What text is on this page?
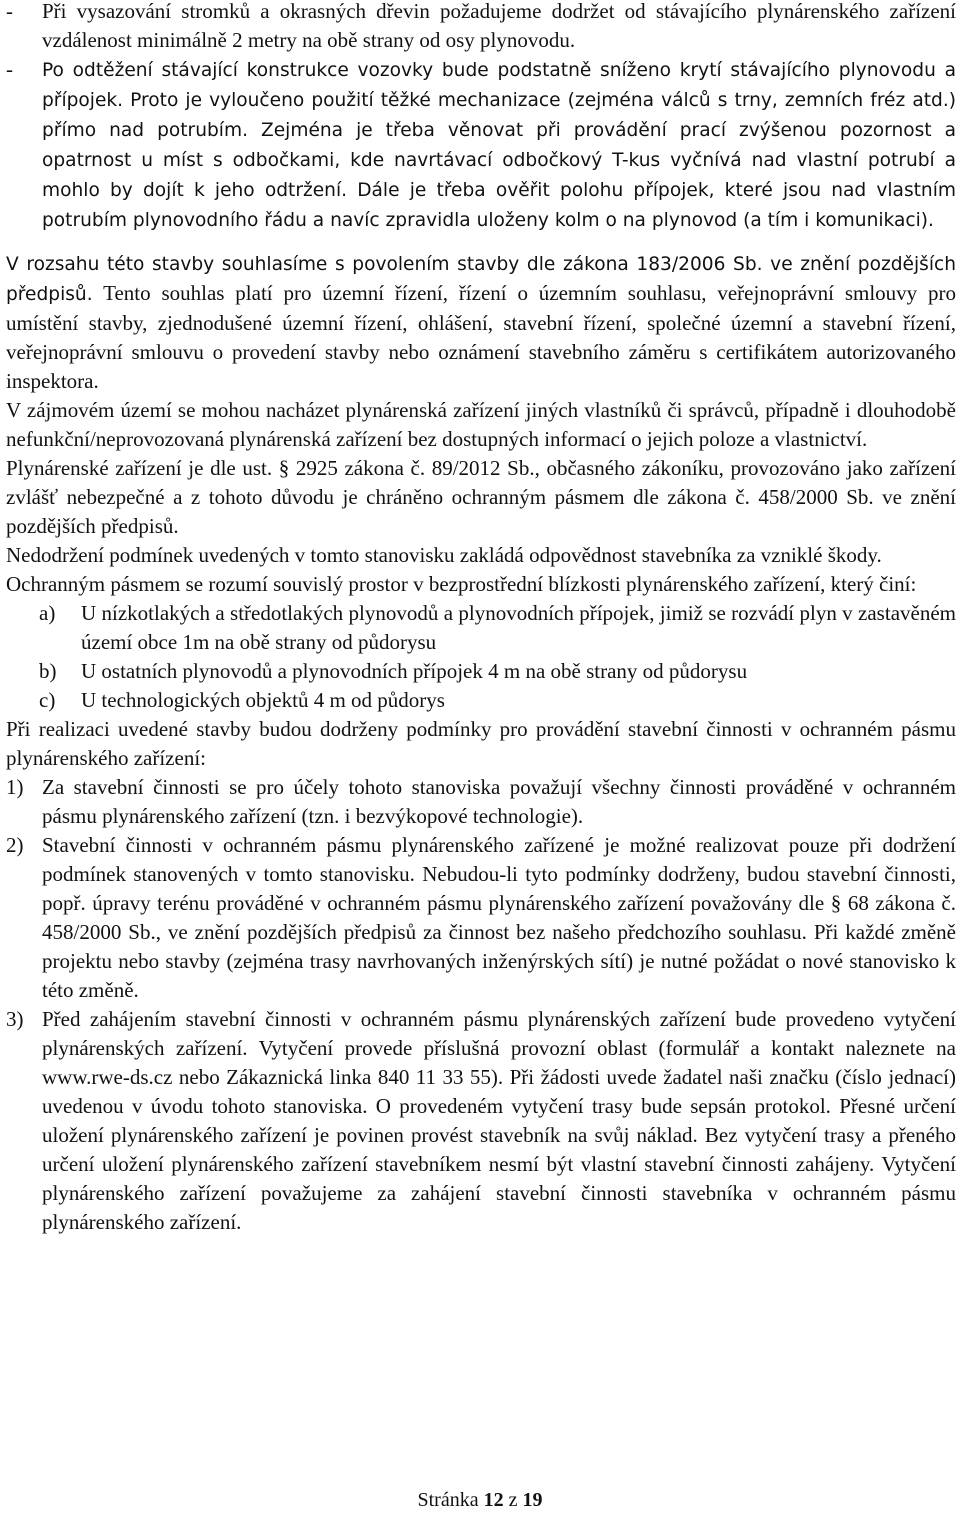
-	Při vysazování stromků a okrasných dřevin požadujeme dodržet od stávajícího plynárenského zařízení vzdálenost minimálně 2 metry na obě strany od osy plynovodu.
-	Po odtěžení stávající konstrukce vozovky bude podstatně sníženo krytí stávajícího plynovodu a přípojek. Proto je vyloučeno použití těžké mechanizace (zejména válců s trny, zemních fréz atd.) přímo nad potrubím. Zejména je třeba věnovat při provádění prací zvýšenou pozornost a opatrnost u míst s odbočkami, kde navrtávací odbočkový T-kus vyčnívá nad vlastní potrubí a mohlo by dojít k jeho odtržení. Dále je třeba ověřit polohu přípojek, které jsou nad vlastním potrubím plynovodního řádu a navíc zpravidla uloženy kolm o na plynovod (a tím i komunikaci).

V rozsahu této stavby souhlasíme s povolením stavby dle zákona 183/2006 Sb. ve znění pozdějších předpisů. Tento souhlas platí pro územní řízení, řízení o územním souhlasu, veřejnoprávní smlouvy pro umístění stavby, zjednodušené územní řízení, ohlášení, stavební řízení, společné územní a stavební řízení, veřejnoprávní smlouvu o provedení stavby nebo oznámení stavebního záměru s certifikátem autorizovaného inspektora.

V zájmovém území se mohou nacházet plynárenská zařízení jiných vlastníků či správců, případně i dlouhodobě nefunkční/neprovozovaná plynárenská zařízení bez dostupných informací o jejich poloze a vlastnictví.

Plynárenské zařízení je dle ust. § 2925 zákona č. 89/2012 Sb., občasného zákoníku, provozováno jako zařízení zvlášť nebezpečné a z tohoto důvodu je chráněno ochranným pásmem dle zákona č. 458/2000 Sb. ve znění pozdějších předpisů.

Nedodržení podmínek uvedených v tomto stanovisku zakládá odpovědnost stavebníka za vzniklé škody.

Ochranným pásmem se rozumí souvislý prostor v bezprostřední blízkosti plynárenského zařízení, který činí:

a)	U nízkotlakých a středotlakých plynovodů a plynovodních přípojek, jimiž se rozvádí plyn v zastavěném území obce 1m na obě strany od půdorysu
b)	U ostatních plynovodů a plynovodních přípojek 4 m na obě strany od půdorysu
c)	U technologických objektů 4 m od půdorys

Při realizaci uvedené stavby budou dodrženy podmínky pro provádění stavební činnosti v ochranném pásmu plynárenského zařízení:

1) Za stavební činnosti se pro účely tohoto stanoviska považují všechny činnosti prováděné v ochranném pásmu plynárenského zařízení (tzn. i bezvýkopové technologie).
2) Stavební činnosti v ochranném pásmu plynárenského zařízené je možné realizovat pouze při dodržení podmínek stanovených v tomto stanovisku. Nebudou-li tyto podmínky dodrženy, budou stavební činnosti, popř. úpravy terénu prováděné v ochranném pásmu plynárenského zařízení považovány dle § 68 zákona č. 458/2000 Sb., ve znění pozdějších předpisů za činnost bez našeho předchozího souhlasu. Při každé změně projektu nebo stavby (zejména trasy navrhovaných inženýrských sítí) je nutné požádat o nové stanovisko k této změně.
3) Před zahájením stavební činnosti v ochranném pásmu plynárenských zařízení bude provedeno vytyčení plynárenských zařízení. Vytyčení provede příslušná provozní oblast (formulář a kontakt naleznete na www.rwe-ds.cz nebo Zákaznická linka 840 11 33 55). Při žádosti uvede žadatel naši značku (číslo jednací) uvedenou v úvodu tohoto stanoviska. O provedeném vytyčení trasy bude sepsán protokol. Přesné určení uložení plynárenského zařízení je povinen provést stavebník na svůj náklad. Bez vytyčení trasy a přeného určení uložení plynárenského zařízení stavebníkem nesmí být vlastní stavební činnosti zahájeny. Vytyčení plynárenského zařízení považujeme za zahájení stavební činnosti stavebníka v ochranném pásmu plynárenského zařízení.
Stránka 12 z 19
